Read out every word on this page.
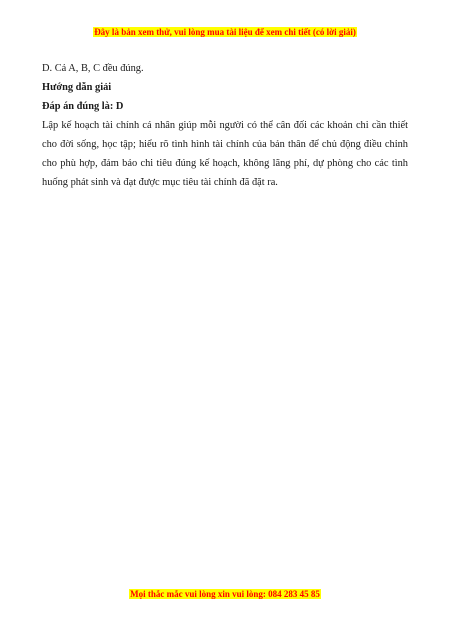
Đây là bản xem thử, vui lòng mua tài liệu để xem chi tiết (có lời giải)

D. Cả A, B, C đều đúng.

Hướng dẫn giải

Đáp án đúng là: D

Lập kế hoạch tài chính cá nhân giúp mỗi người có thể cân đối các khoản chi cần thiết cho đời sống, học tập; hiểu rõ tình hình tài chính của bản thân để chủ động điều chỉnh cho phù hợp, đảm bảo chi tiêu đúng kế hoạch, không lãng phí, dự phòng cho các tình huống phát sinh và đạt được mục tiêu tài chính đã đặt ra.

Mọi thắc mắc vui lòng xin vui lòng: 084 283 45 85
